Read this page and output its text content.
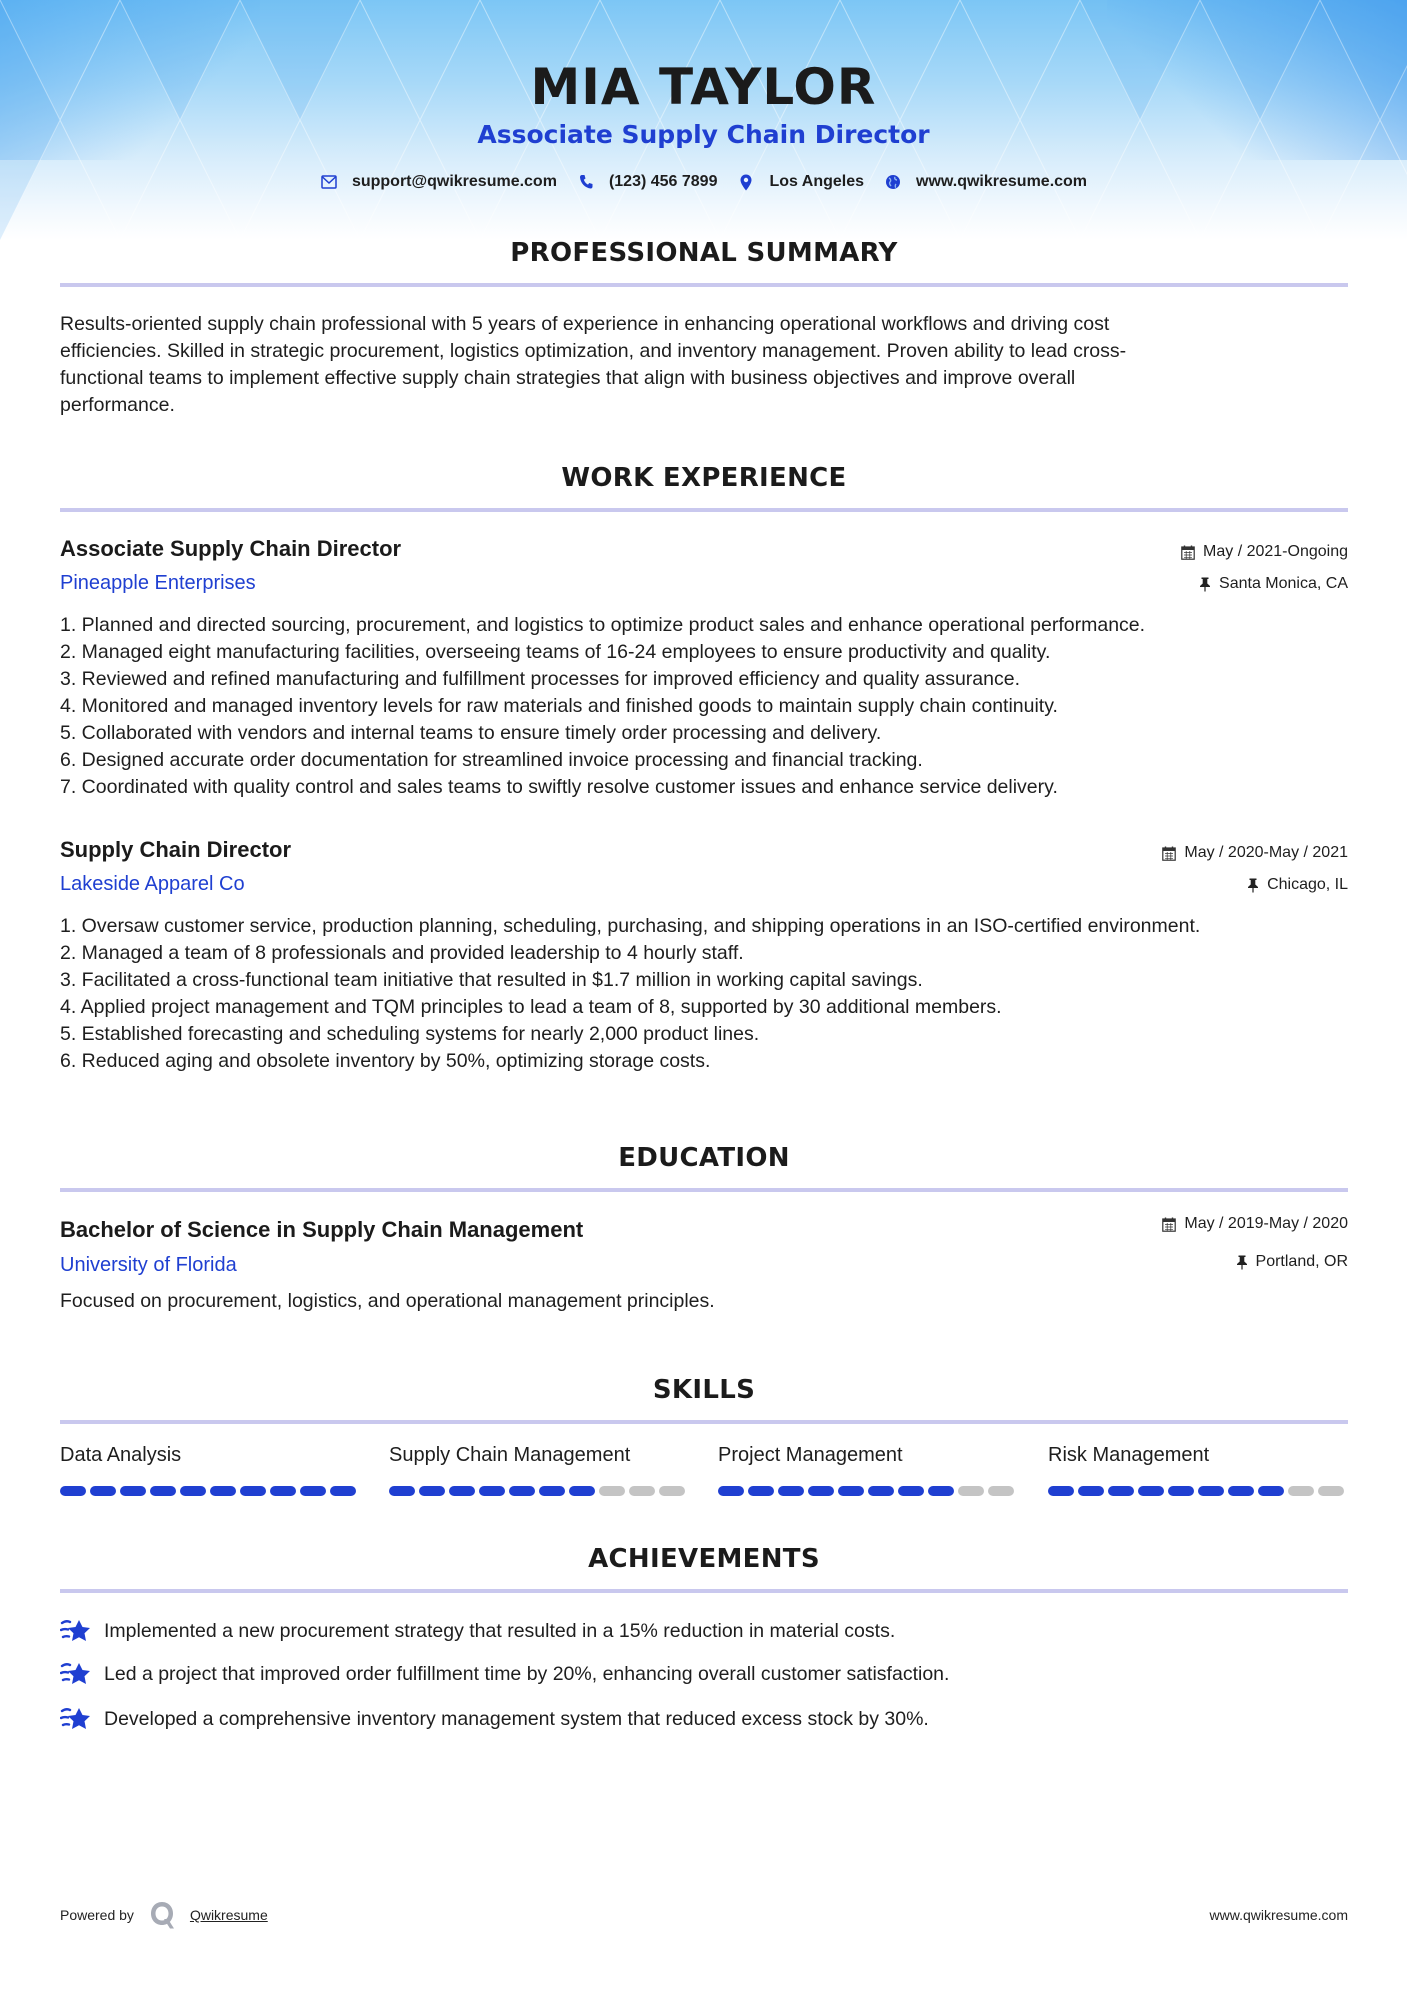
MIA TAYLOR
Associate Supply Chain Director
support@qwikresume.com	(123) 456 7899	Los Angeles	www.qwikresume.com
PROFESSIONAL SUMMARY
Results-oriented supply chain professional with 5 years of experience in enhancing operational workflows and driving cost
efficiencies. Skilled in strategic procurement, logistics optimization, and inventory management. Proven ability to lead cross-
functional teams to implement effective supply chain strategies that align with business objectives and improve overall
performance.
WORK EXPERIENCE
Associate Supply Chain Director
Pineapple Enterprises
May / 2021-Ongoing
Santa Monica, CA
1. Planned and directed sourcing, procurement, and logistics to optimize product sales and enhance operational performance.
2. Managed eight manufacturing facilities, overseeing teams of 16-24 employees to ensure productivity and quality.
3. Reviewed and refined manufacturing and fulfillment processes for improved efficiency and quality assurance.
4. Monitored and managed inventory levels for raw materials and finished goods to maintain supply chain continuity.
5. Collaborated with vendors and internal teams to ensure timely order processing and delivery.
6. Designed accurate order documentation for streamlined invoice processing and financial tracking.
7. Coordinated with quality control and sales teams to swiftly resolve customer issues and enhance service delivery.
Supply Chain Director
Lakeside Apparel Co
May / 2020-May / 2021
Chicago, IL
1. Oversaw customer service, production planning, scheduling, purchasing, and shipping operations in an ISO-certified environment.
2. Managed a team of 8 professionals and provided leadership to 4 hourly staff.
3. Facilitated a cross-functional team initiative that resulted in $1.7 million in working capital savings.
4. Applied project management and TQM principles to lead a team of 8, supported by 30 additional members.
5. Established forecasting and scheduling systems for nearly 2,000 product lines.
6. Reduced aging and obsolete inventory by 50%, optimizing storage costs.
EDUCATION
Bachelor of Science in Supply Chain Management
University of Florida
May / 2019-May / 2020
Portland, OR
Focused on procurement, logistics, and operational management principles.
SKILLS
Data Analysis	Supply Chain Management	Project Management	Risk Management
ACHIEVEMENTS
Implemented a new procurement strategy that resulted in a 15% reduction in material costs.
Led a project that improved order fulfillment time by 20%, enhancing overall customer satisfaction.
Developed a comprehensive inventory management system that reduced excess stock by 30%.
Powered by	Qwikresume	www.qwikresume.com
